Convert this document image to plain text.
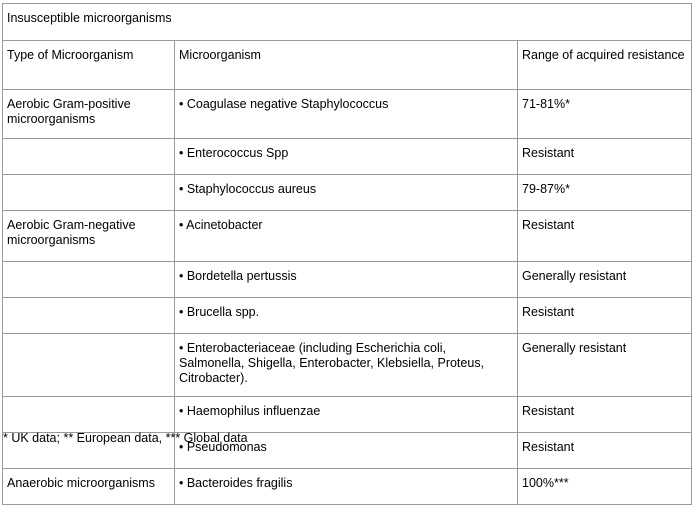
Insusceptible microorganisms		
Type of Microorganism	Microorganism	Range of acquired resistance
Aerobic Gram-positive microorganisms	• Coagulase negative Staphylococcus	71-81%*
	• Enterococcus Spp	Resistant
	• Staphylococcus aureus	79-87%*
Aerobic Gram-negative microorganisms	• Acinetobacter	Resistant
	• Bordetella pertussis	Generally resistant
	• Brucella spp.	Resistant
	• Enterobacteriaceae (including Escherichia coli, Salmonella, Shigella, Enterobacter, Klebsiella, Proteus, Citrobacter).	Generally resistant
	• Haemophilus influenzae	Resistant
	• Pseudomonas	Resistant
Anaerobic microorganisms	• Bacteroides fragilis	100%***
* UK data; ** European data, *** Global data
